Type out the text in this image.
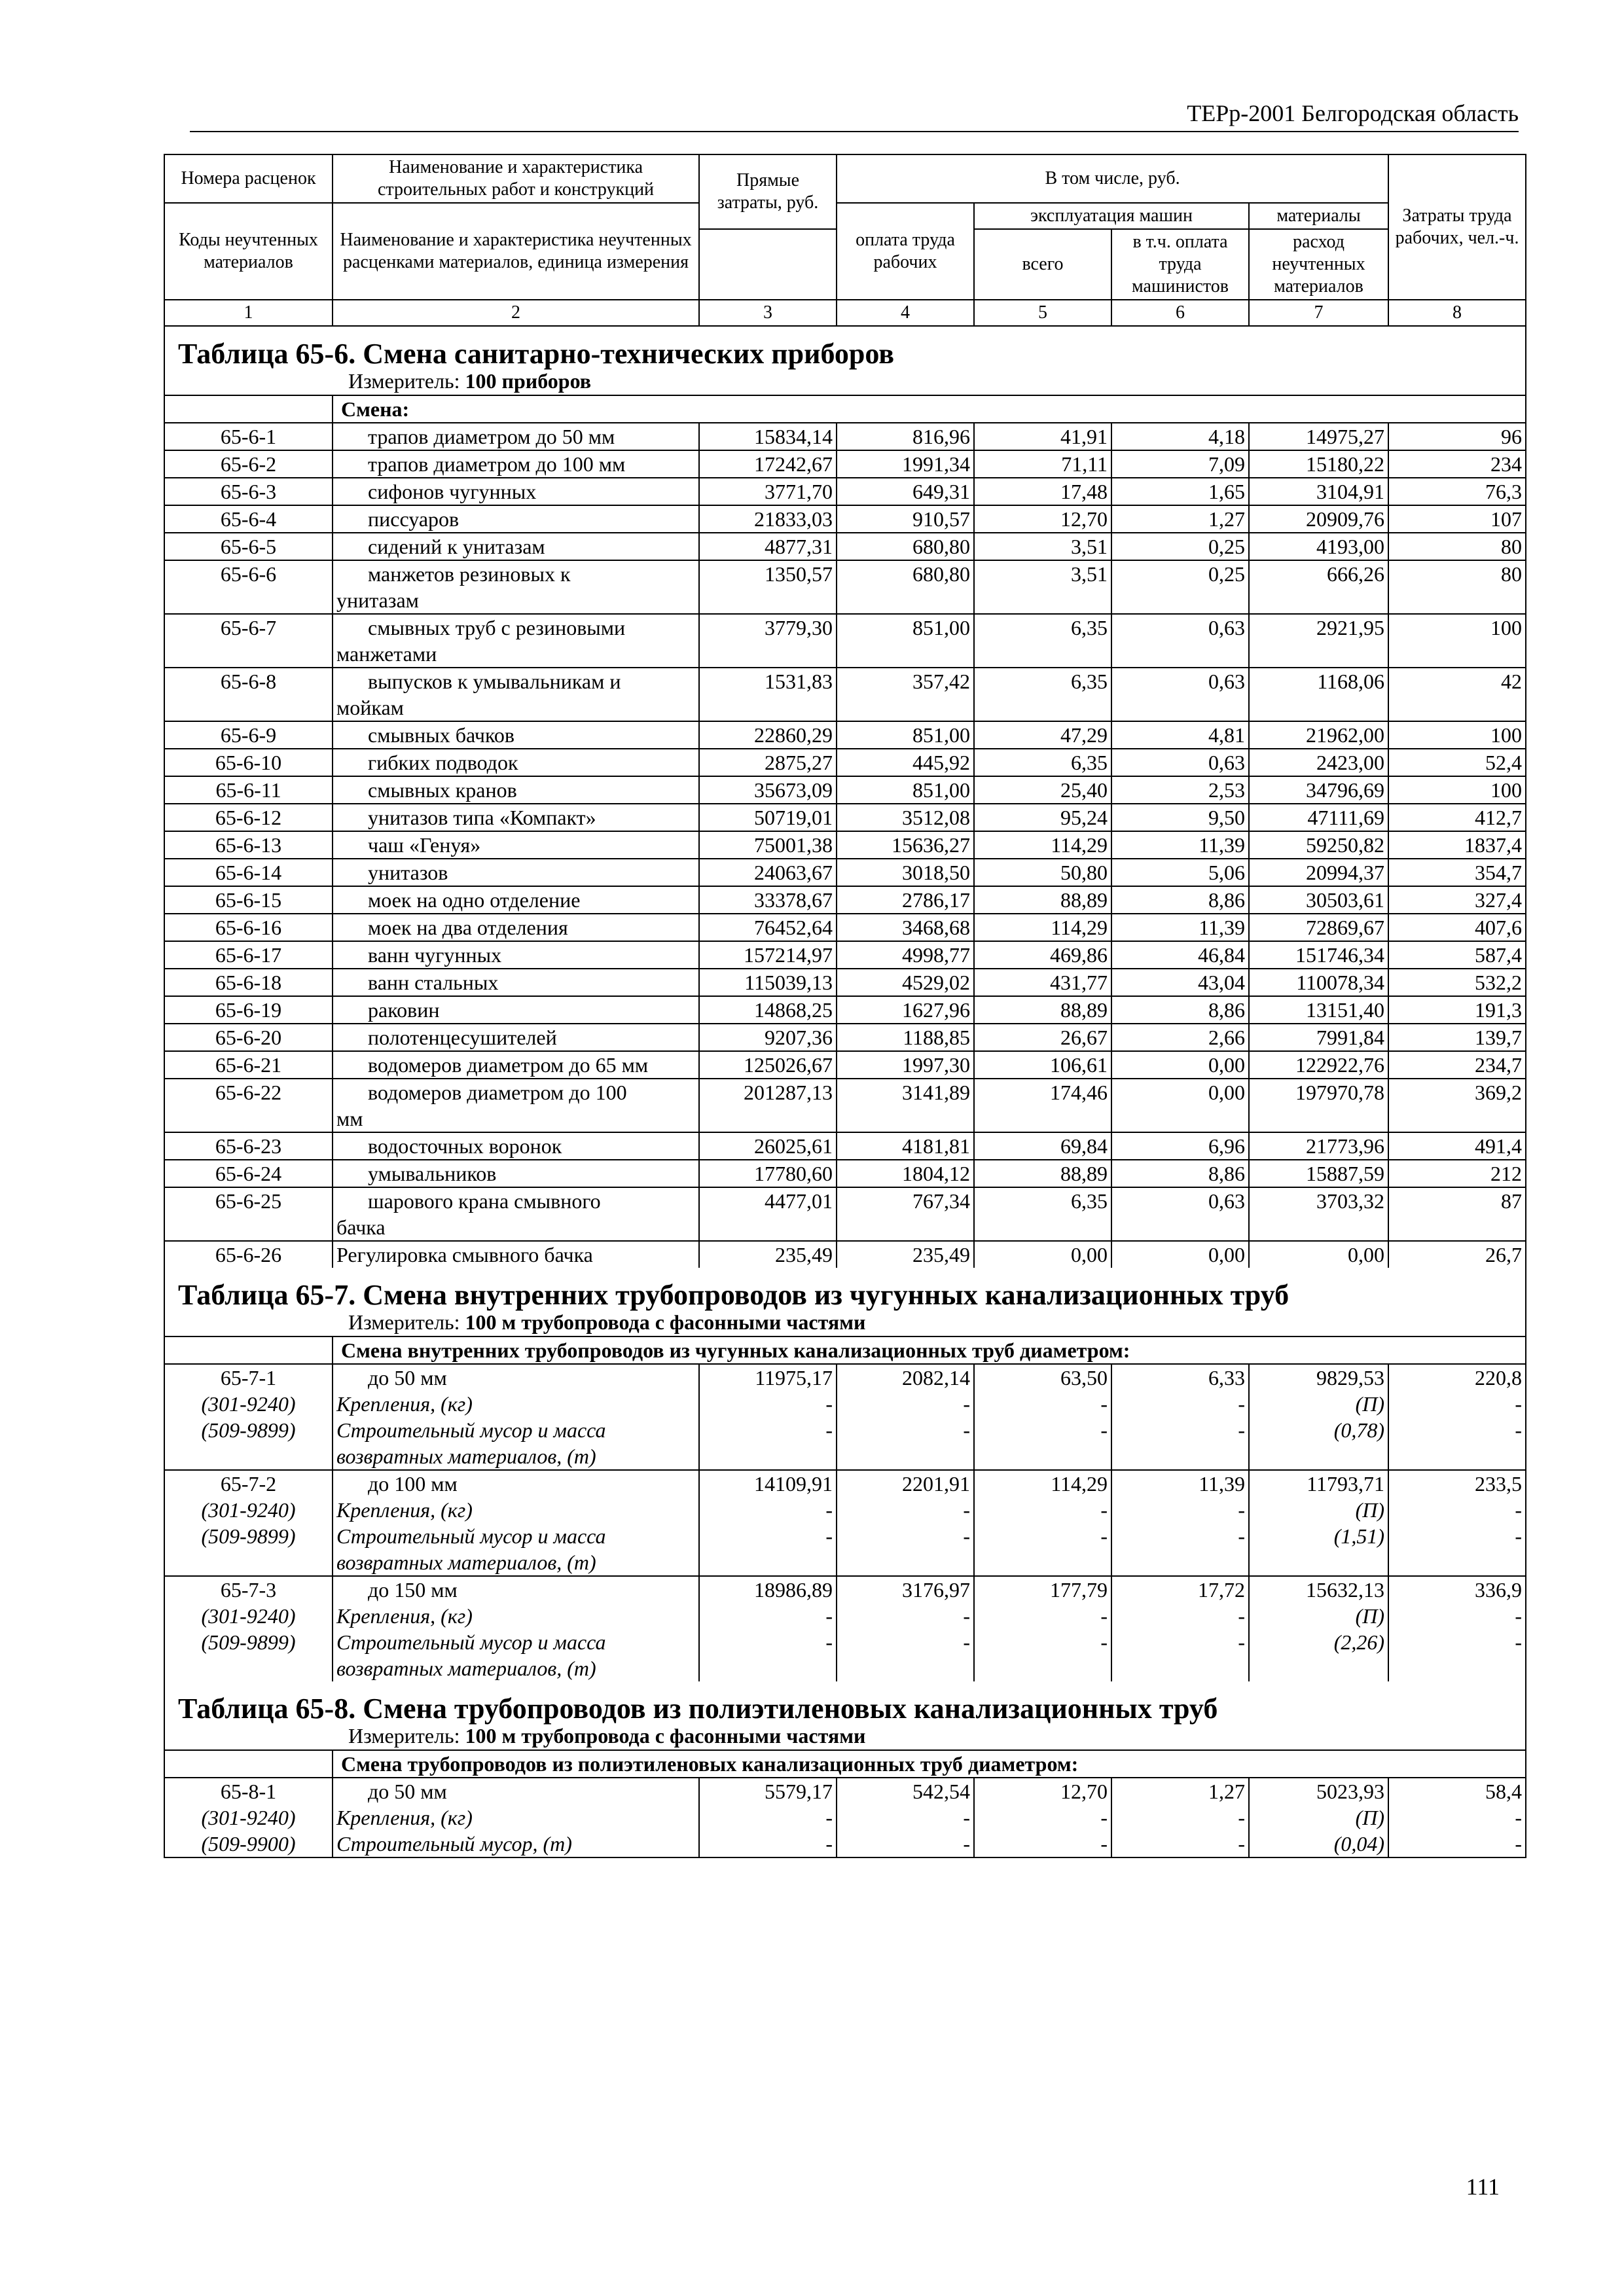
ТЕРр-2001 Белгородская область
Номера расценок	Наименование и характеристика строительных работ и конструкций	Прямые затраты, руб.	В том числе, руб.				Затраты труда рабочих, чел.-ч.
Коды неучтенных материалов	Наименование и характеристика неучтенных расценками материалов, единица измерения		оплата труда рабочих	эксплуатация машин		материалы	
				всего	в т.ч. оплата труда машинистов	расход неучтенных материалов	

1	2	3	4	5	6	7	8
Таблица 65-6. Смена санитарно-технических приборов							
Измеритель: 100 приборов							
	Смена:						
65-6-1	трапов диаметром до 50 мм	15834,14	816,96	41,91	4,18	14975,27	96
65-6-2	трапов диаметром до 100 мм	17242,67	1991,34	71,11	7,09	15180,22	234
65-6-3	сифонов чугунных	3771,70	649,31	17,48	1,65	3104,91	76,3
65-6-4	писсуаров	21833,03	910,57	12,70	1,27	20909,76	107
65-6-5	сидений к унитазам	4877,31	680,80	3,51	0,25	4193,00	80
65-6-6	манжетов резиновых к
унитазам	1350,57	680,80	3,51	0,25	666,26	80
65-6-7	смывных труб с резиновыми
манжетами	3779,30	851,00	6,35	0,63	2921,95	100
65-6-8	выпусков к умывальникам и
мойкам	1531,83	357,42	6,35	0,63	1168,06	42
65-6-9	смывных бачков	22860,29	851,00	47,29	4,81	21962,00	100
65-6-10	гибких подводок	2875,27	445,92	6,35	0,63	2423,00	52,4
65-6-11	смывных кранов	35673,09	851,00	25,40	2,53	34796,69	100
65-6-12	унитазов типа «Компакт»	50719,01	3512,08	95,24	9,50	47111,69	412,7
65-6-13	чаш «Генуя»	75001,38	15636,27	114,29	11,39	59250,82	1837,4
65-6-14	унитазов	24063,67	3018,50	50,80	5,06	20994,37	354,7
65-6-15	моек на одно отделение	33378,67	2786,17	88,89	8,86	30503,61	327,4
65-6-16	моек на два отделения	76452,64	3468,68	114,29	11,39	72869,67	407,6
65-6-17	ванн чугунных	157214,97	4998,77	469,86	46,84	151746,34	587,4
65-6-18	ванн стальных	115039,13	4529,02	431,77	43,04	110078,34	532,2
65-6-19	раковин	14868,25	1627,96	88,89	8,86	13151,40	191,3
65-6-20	полотенцесушителей	9207,36	1188,85	26,67	2,66	7991,84	139,7
65-6-21	водомеров диаметром до 65 мм	125026,67	1997,30	106,61	0,00	122922,76	234,7
65-6-22	водомеров диаметром до 100
мм	201287,13	3141,89	174,46	0,00	197970,78	369,2
65-6-23	водосточных воронок	26025,61	4181,81	69,84	6,96	21773,96	491,4
65-6-24	умывальников	17780,60	1804,12	88,89	8,86	15887,59	212
65-6-25	шарового крана смывного
бачка	4477,01	767,34	6,35	0,63	3703,32	87
65-6-26	Регулировка смывного бачка	235,49	235,49	0,00	0,00	0,00	26,7
Таблица 65-7. Смена внутренних трубопроводов из чугунных канализационных труб							
Измеритель: 100 м трубопровода с фасонными частями							
	Смена внутренних трубопроводов из чугунных канализационных труб диаметром:						
65-7-1	до 50 мм	11975,17	2082,14	63,50	6,33	9829,53	220,8
(301-9240)	Крепления, (кг)	-	-	-	-	(П)	-
(509-9899)	Строительный мусор и масса
возвратных материалов, (т)	-	-	-	-	(0,78)	-
65-7-2	до 100 мм	14109,91	2201,91	114,29	11,39	11793,71	233,5
(301-9240)	Крепления, (кг)	-	-	-	-	(П)	-
(509-9899)	Строительный мусор и масса
возвратных материалов, (т)	-	-	-	-	(1,51)	-
65-7-3	до 150 мм	18986,89	3176,97	177,79	17,72	15632,13	336,9
(301-9240)	Крепления, (кг)	-	-	-	-	(П)	-
(509-9899)	Строительный мусор и масса
возвратных материалов, (т)	-	-	-	-	(2,26)	-
Таблица 65-8. Смена трубопроводов из полиэтиленовых канализационных труб							
Измеритель: 100 м трубопровода с фасонными частями							
	Смена трубопроводов из полиэтиленовых канализационных труб диаметром:						
65-8-1	до 50 мм	5579,17	542,54	12,70	1,27	5023,93	58,4
(301-9240)	Крепления, (кг)	-	-	-	-	(П)	-
(509-9900)	Строительный мусор, (т)	-	-	-	-	(0,04)	-
111
